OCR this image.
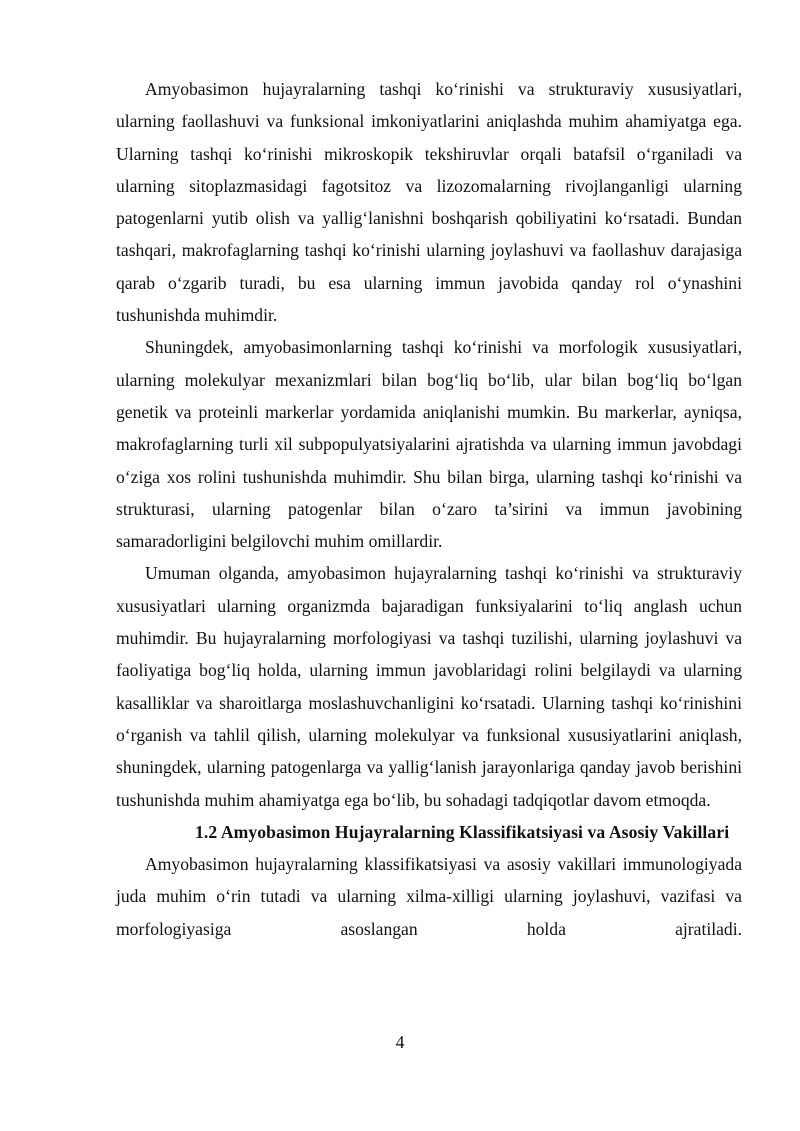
Amyobasimon hujayralarning tashqi ko‘rinishi va strukturaviy xususiyatlari, ularning faollashuvi va funksional imkoniyatlarini aniqlashda muhim ahamiyatga ega. Ularning tashqi ko‘rinishi mikroskopik tekshiruvlar orqali batafsil o‘rganiladi va ularning sitoplazmasidagi fagotsitoz va lizozomalarning rivojlanganligi ularning patogenlarni yutib olish va yallig‘lanishni boshqarish qobiliyatini ko‘rsatadi. Bundan tashqari, makrofaglarning tashqi ko‘rinishi ularning joylashuvi va faollashuv darajasiga qarab o‘zgarib turadi, bu esa ularning immun javobida qanday rol o‘ynashini tushunishda muhimdir.

Shuningdek, amyobasimonlarning tashqi ko‘rinishi va morfologik xususiyatlari, ularning molekulyar mexanizmlari bilan bog‘liq bo‘lib, ular bilan bog‘liq bo‘lgan genetik va proteinli markerlar yordamida aniqlanishi mumkin. Bu markerlar, ayniqsa, makrofaglarning turli xil subpopulyatsiyalarini ajratishda va ularning immun javobdagi o‘ziga xos rolini tushunishda muhimdir. Shu bilan birga, ularning tashqi ko‘rinishi va strukturasi, ularning patogenlar bilan o‘zaro ta’sirini va immun javobining samaradorligini belgilovchi muhim omillardir.

Umuman olganda, amyobasimon hujayralarning tashqi ko‘rinishi va strukturaviy xususiyatlari ularning organizmda bajaradigan funksiyalarini to‘liq anglash uchun muhimdir. Bu hujayralarning morfologiyasi va tashqi tuzilishi, ularning joylashuvi va faoliyatiga bog‘liq holda, ularning immun javoblaridagi rolini belgilaydi va ularning kasalliklar va sharoitlarga moslashuvchanligini ko‘rsatadi. Ularning tashqi ko‘rinishini o‘rganish va tahlil qilish, ularning molekulyar va funksional xususiyatlarini aniqlash, shuningdek, ularning patogenlarga va yallig‘lanish jarayonlariga qanday javob berishini tushunishda muhim ahamiyatga ega bo‘lib, bu sohadagi tadqiqotlar davom etmoqda.

1.2 Amyobasimon Hujayralarning Klassifikatsiyasi va Asosiy Vakillari

Amyobasimon hujayralarning klassifikatsiyasi va asosiy vakillari immunologiyada juda muhim o‘rin tutadi va ularning xilma-xilligi ularning joylashuvi, vazifasi va morfologiyasiga asoslangan holda ajratiladi.

4
